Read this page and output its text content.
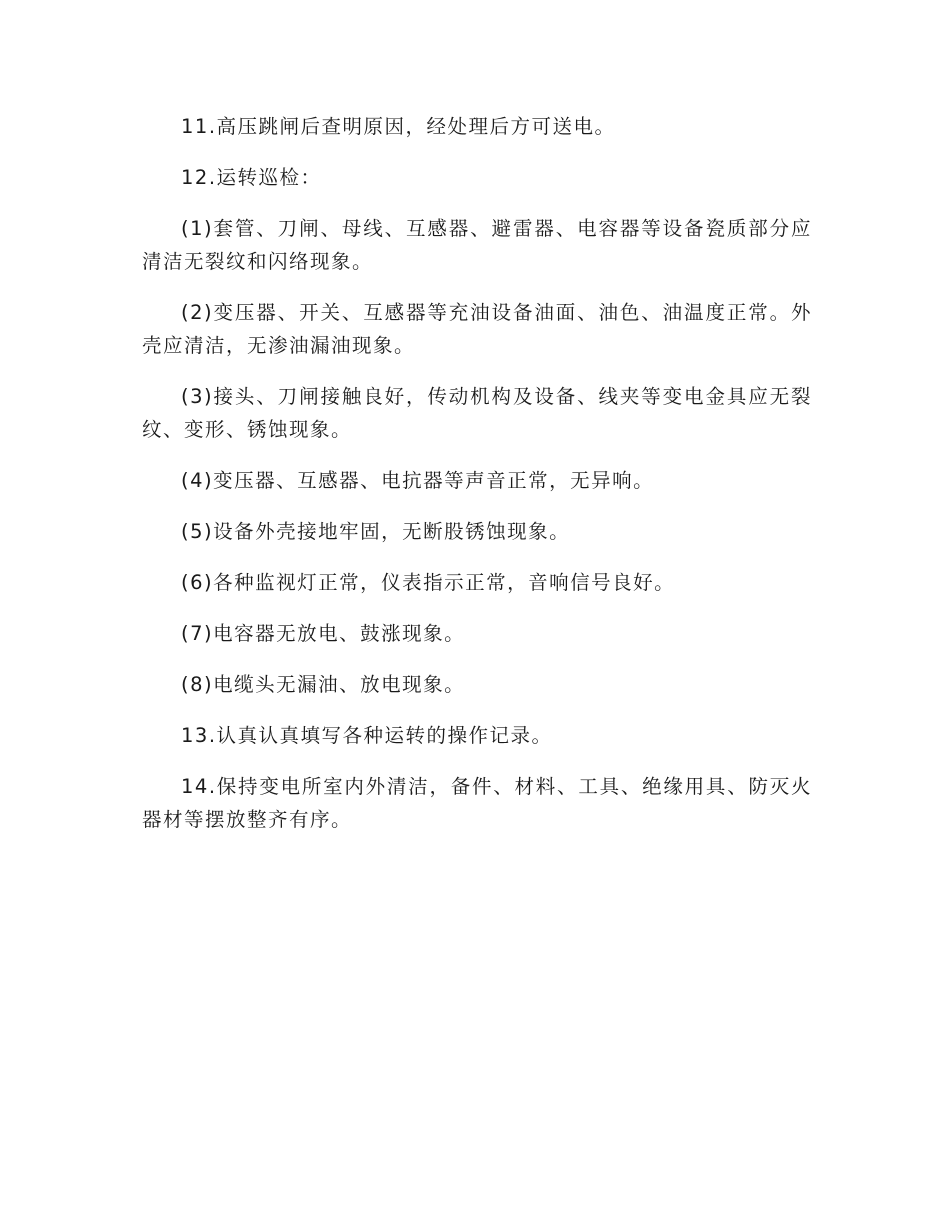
11.高压跳闸后查明原因，经处理后方可送电。

12.运转巡检：

(1)套管、刀闸、母线、互感器、避雷器、电容器等设备瓷质部分应清洁无裂纹和闪络现象。

(2)变压器、开关、互感器等充油设备油面、油色、油温度正常。外壳应清洁，无渗油漏油现象。

(3)接头、刀闸接触良好，传动机构及设备、线夹等变电金具应无裂纹、变形、锈蚀现象。

(4)变压器、互感器、电抗器等声音正常，无异响。

(5)设备外壳接地牢固，无断股锈蚀现象。

(6)各种监视灯正常，仪表指示正常，音响信号良好。

(7)电容器无放电、鼓涨现象。

(8)电缆头无漏油、放电现象。

13.认真认真填写各种运转的操作记录。

14.保持变电所室内外清洁，备件、材料、工具、绝缘用具、防灭火器材等摆放整齐有序。
